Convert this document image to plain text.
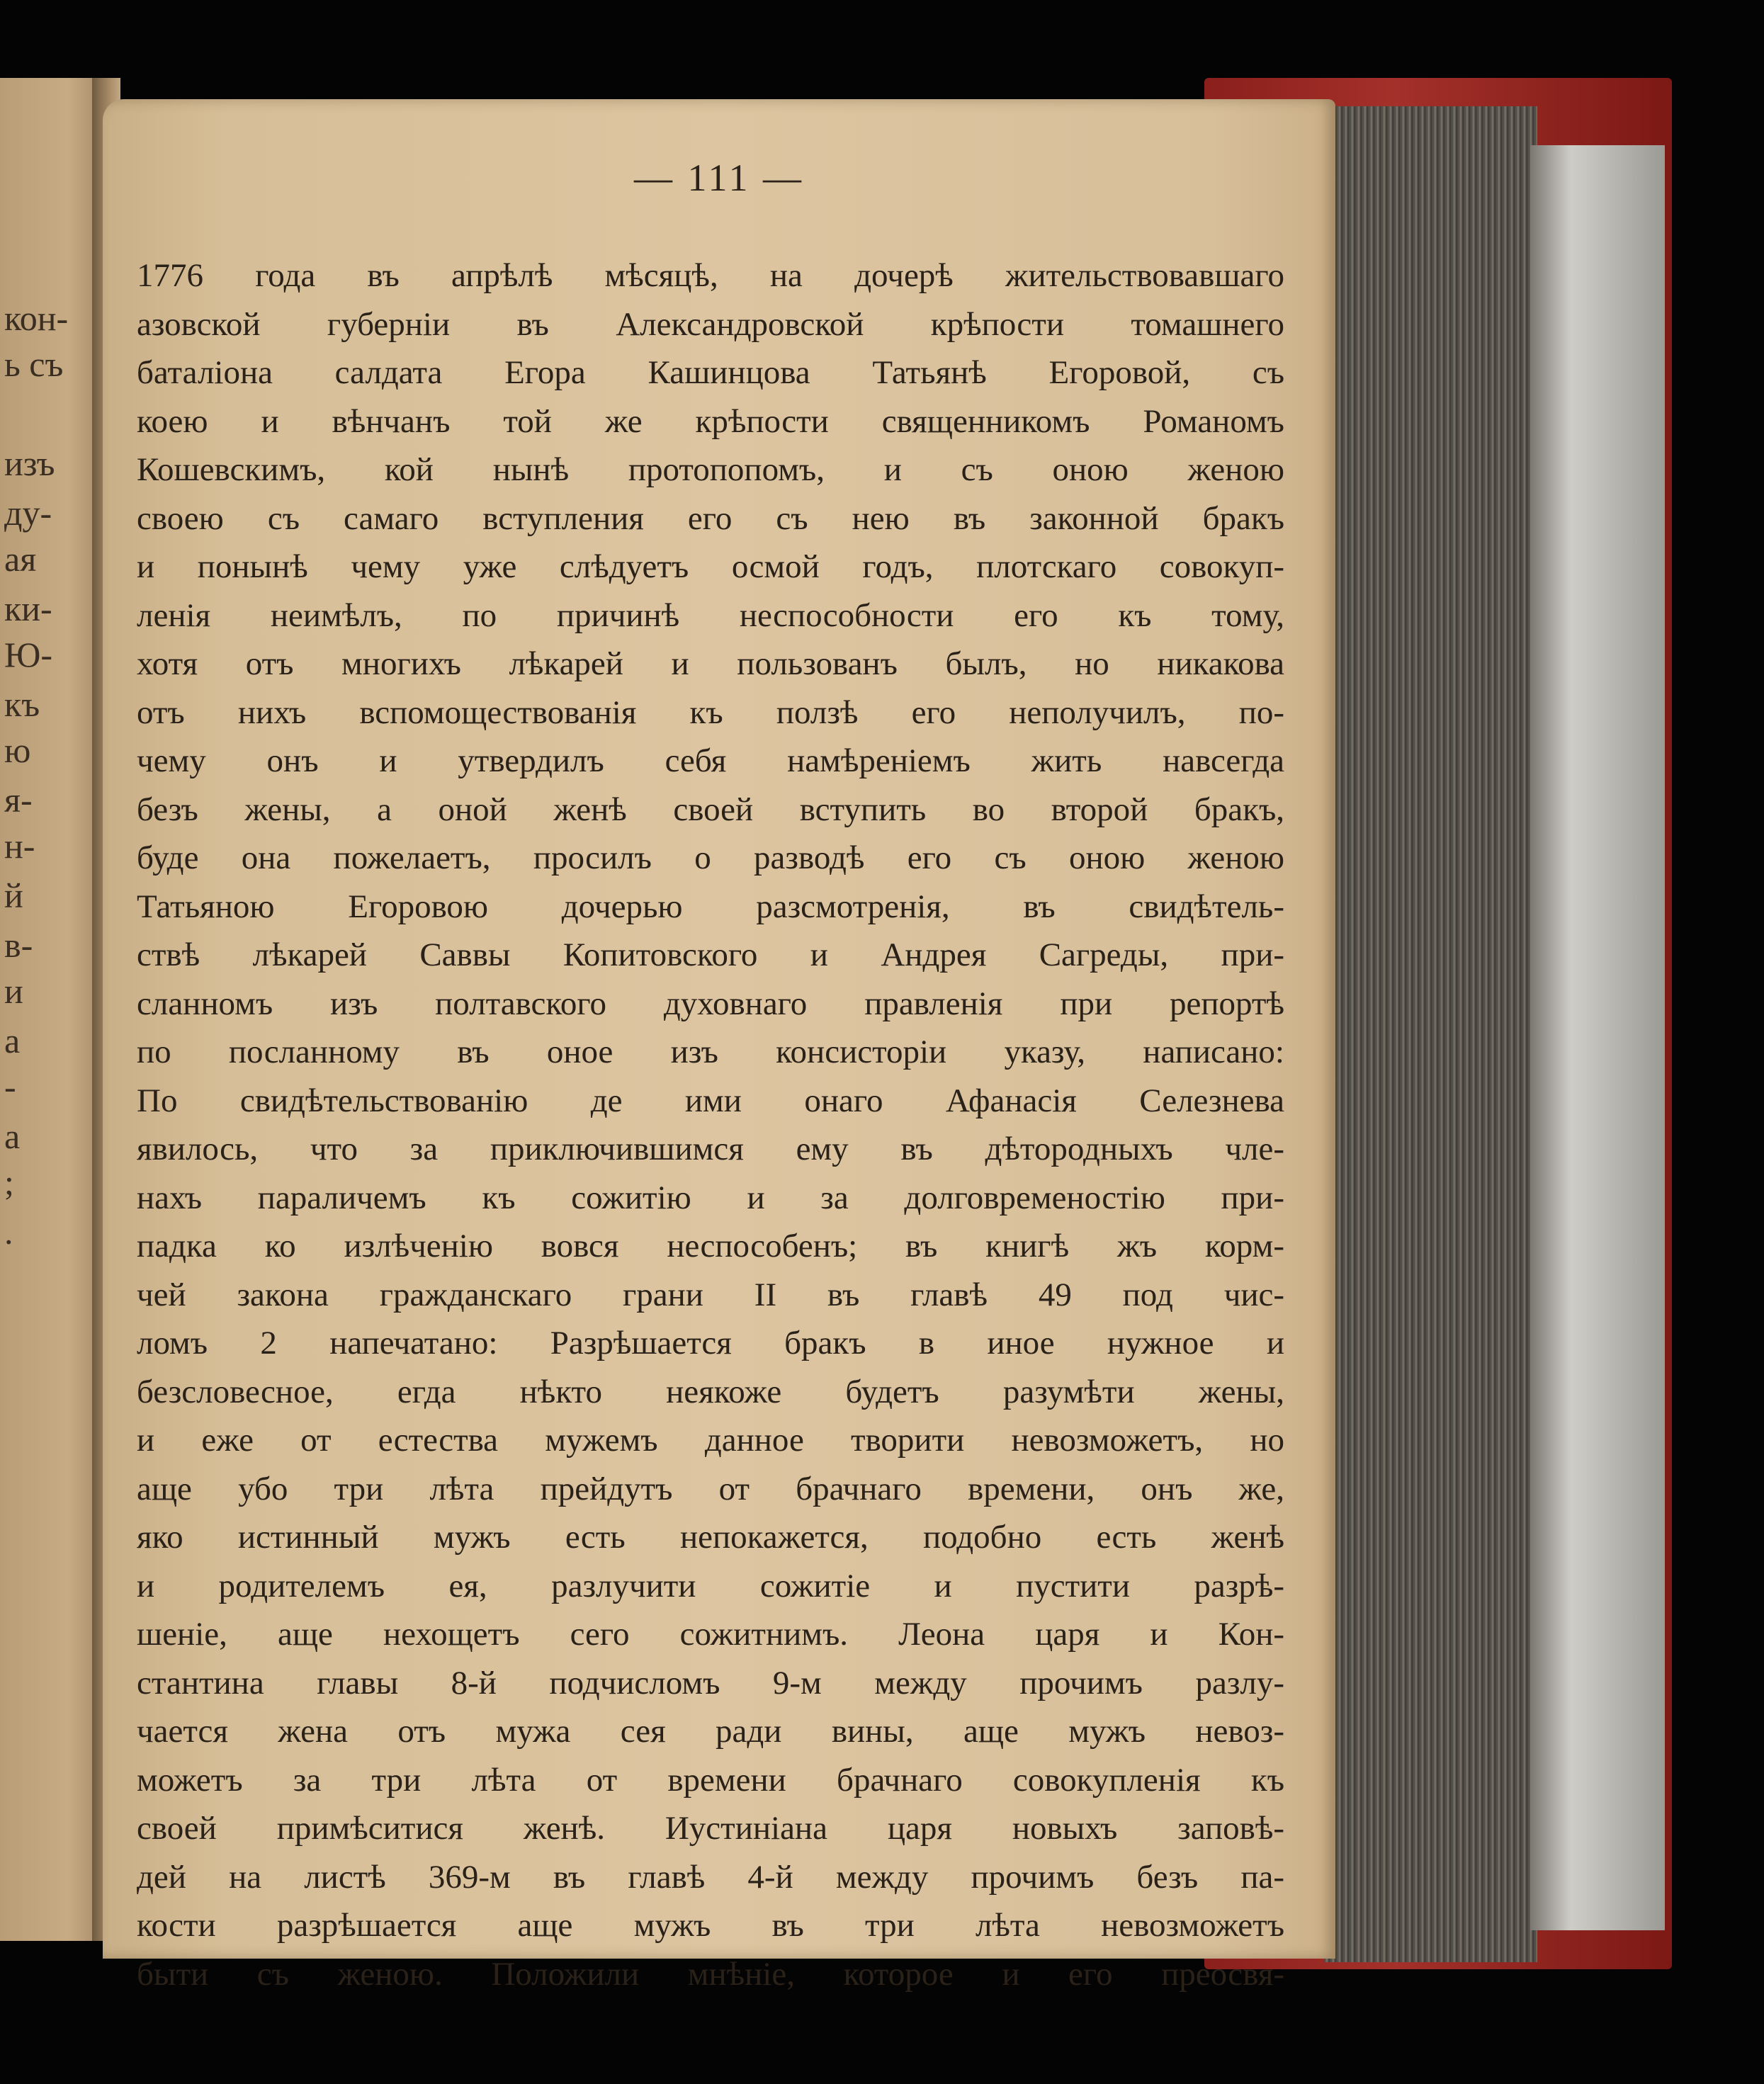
кон-
ь съ
изъ
ду-
ая
ки-
Ю-
къ
ю
я-
н-
й
в-
и
а
-
а
;
.
— 111 —
1776 года въ апрѣлѣ мѣсяцѣ, на дочерѣ жительствовавшаго
азовской губерніи въ Александровской крѣпости томашнего
баталіона салдата Егора Кашинцова Татьянѣ Егоровой, съ
коею и вѣнчанъ той же крѣпости священникомъ Романомъ
Кошевскимъ, кой нынѣ протопопомъ, и съ оною женою
своею съ самаго вступления его съ нею въ законной бракъ
и понынѣ чему уже слѣдуетъ осмой годъ, плотскаго совокуп-
ленія неимѣлъ, по причинѣ неспособности его къ тому,
хотя отъ многихъ лѣкарей и пользованъ былъ, но никакова
отъ нихъ вспомоществованія къ ползѣ его неполучилъ, по-
чему онъ и утвердилъ себя намѣреніемъ жить навсегда
безъ жены, а оной женѣ своей вступить во второй бракъ,
буде она пожелаетъ, просилъ о разводѣ его съ оною женою
Татьяною Егоровою дочерью разсмотренія, въ свидѣтель-
ствѣ лѣкарей Саввы Копитовского и Андрея Сагреды, при-
сланномъ изъ полтавского духовнаго правленія при репортѣ
по посланному въ оное изъ консисторіи указу, написано:
По свидѣтельствованію де ими онаго Афанасія Селезнева
явилось, что за приключившимся ему въ дѣтородныхъ чле-
нахъ параличемъ къ сожитію и за долговременостію при-
падка ко излѣченію вовся неспособенъ; въ книгѣ жъ корм-
чей закона гражданскаго грани II въ главѣ 49 под чис-
ломъ 2 напечатано: Разрѣшается бракъ в иное нужное и
безсловесное, егда нѣкто неякоже будетъ разумѣти жены,
и еже от естества мужемъ данное творити невозможетъ, но
аще убо три лѣта прейдутъ от брачнаго времени, онъ же,
яко истинный мужъ есть непокажется, подобно есть женѣ
и родителемъ ея, разлучити сожитіе и пустити разрѣ-
шеніе, аще нехощетъ сего сожитнимъ. Леона царя и Кон-
стантина главы 8-й подчисломъ 9-м между прочимъ разлу-
чается жена отъ мужа сея ради вины, аще мужъ невоз-
можетъ за три лѣта от времени брачнаго совокупленія къ
своей примѣситися женѣ. Иустиніана царя новыхъ заповѣ-
дей на листѣ 369-м въ главѣ 4-й между прочимъ безъ па-
кости разрѣшается аще мужъ въ три лѣта невозможетъ
быти съ женою. Положили мнѣніе, которое и его преосвя-
